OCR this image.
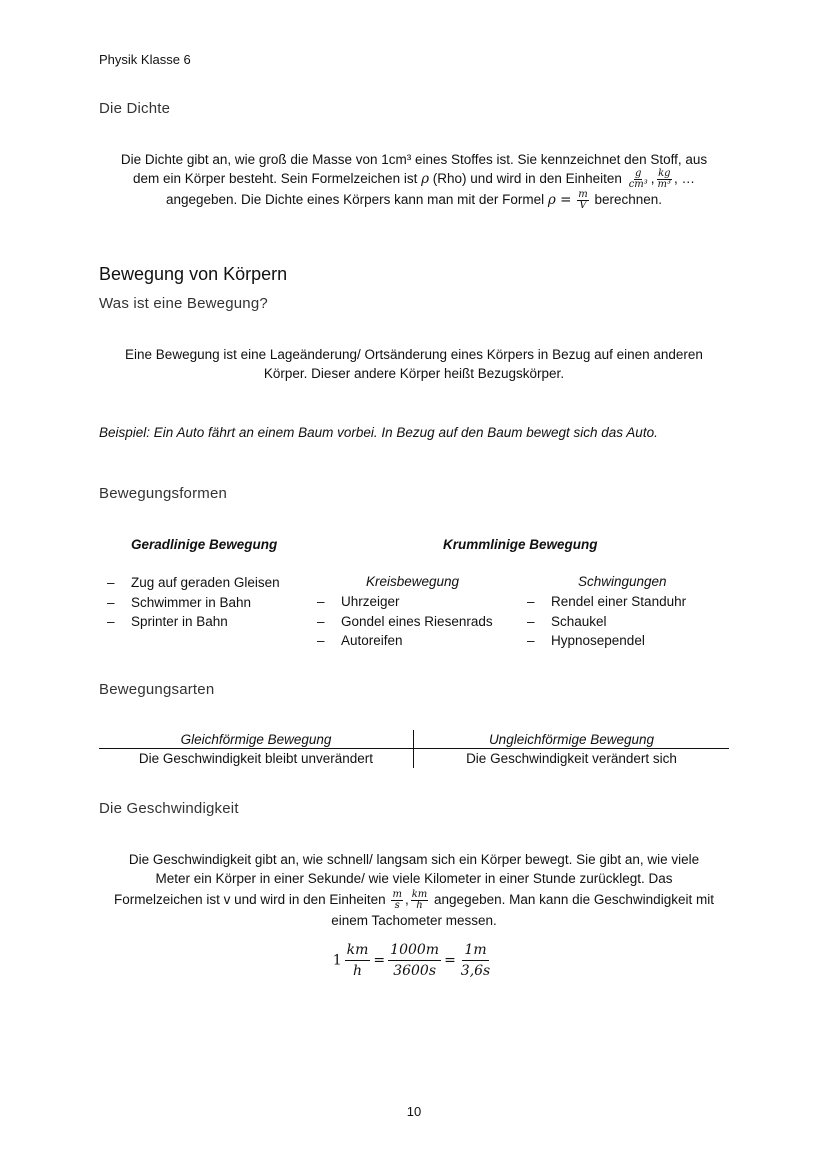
Physik Klasse 6
Die Dichte
Die Dichte gibt an, wie groß die Masse von 1cm³ eines Stoffes ist. Sie kennzeichnet den Stoff, aus
dem ein Körper besteht. Sein Formelzeichen ist ρ (Rho) und wird in den Einheiten $\frac{g}{\text{cm³}}$ , $\frac{kg}{\text{m³}}$ , …
angegeben. Die Dichte eines Körpers kann man mit der Formel $\rho = \frac{m}{V}$ berechnen.
Bewegung von Körpern
Was ist eine Bewegung?
Eine Bewegung ist eine Lageänderung/ Ortsänderung eines Körpers in Bezug auf einen anderen
Körper. Dieser andere Körper heißt Bezugskörper.
Beispiel: Ein Auto fährt an einem Baum vorbei. In Bezug auf den Baum bewegt sich das Auto.
Bewegungsformen
Geradlinige Bewegung	Krummlinige Bewegung
– Zug auf geraden Gleisen
– Schwimmer in Bahn
– Sprinter in Bahn
Kreisbewegung
– Uhrzeiger
– Gondel eines Riesenrads
– Autoreifen
Schwingungen
– Rendel einer Standuhr
– Schaukel
– Hypnosependel
Bewegungsarten
Gleichförmige Bewegung
Die Geschwindigkeit bleibt unverändert
Ungleichförmige Bewegung
Die Geschwindigkeit verändert sich
Die Geschwindigkeit
Die Geschwindigkeit gibt an, wie schnell/ langsam sich ein Körper bewegt. Sie gibt an, wie viele
Meter ein Körper in einer Sekunde/ wie viele Kilometer in einer Stunde zurücklegt. Das
Formelzeichen ist v und wird in den Einheiten $\frac{m}{s}$ , $\frac{km}{h}$ angegeben. Man kann die Geschwindigkeit mit
einem Tachometer messen.
$1 \frac{km}{h} = \frac{1000m}{3600s} = \frac{1m}{3,6s}$
10
